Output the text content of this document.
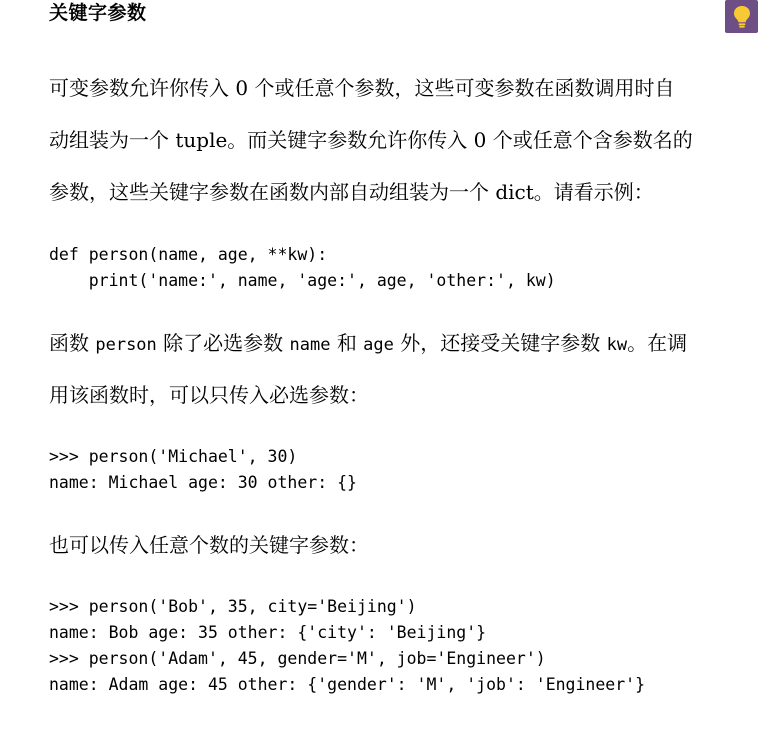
关键字参数
可变参数允许你传入 0 个或任意个参数，这些可变参数在函数调用时自
动组装为一个 tuple。而关键字参数允许你传入 0 个或任意个含参数名的
参数，这些关键字参数在函数内部自动组装为一个 dict。请看示例：
def person(name, age, **kw):
print('name:', name, 'age:', age, 'other:', kw)
函数 person 除了必选参数 name 和 age 外，还接受关键字参数 kw。在调
用该函数时，可以只传入必选参数：
>>> person('Michael', 30)
name: Michael age: 30 other: {}
也可以传入任意个数的关键字参数：
>>> person('Bob', 35, city='Beijing')
name: Bob age: 35 other: {'city': 'Beijing'}
>>> person('Adam', 45, gender='M', job='Engineer')
name: Adam age: 45 other: {'gender': 'M', 'job': 'Engineer'}
